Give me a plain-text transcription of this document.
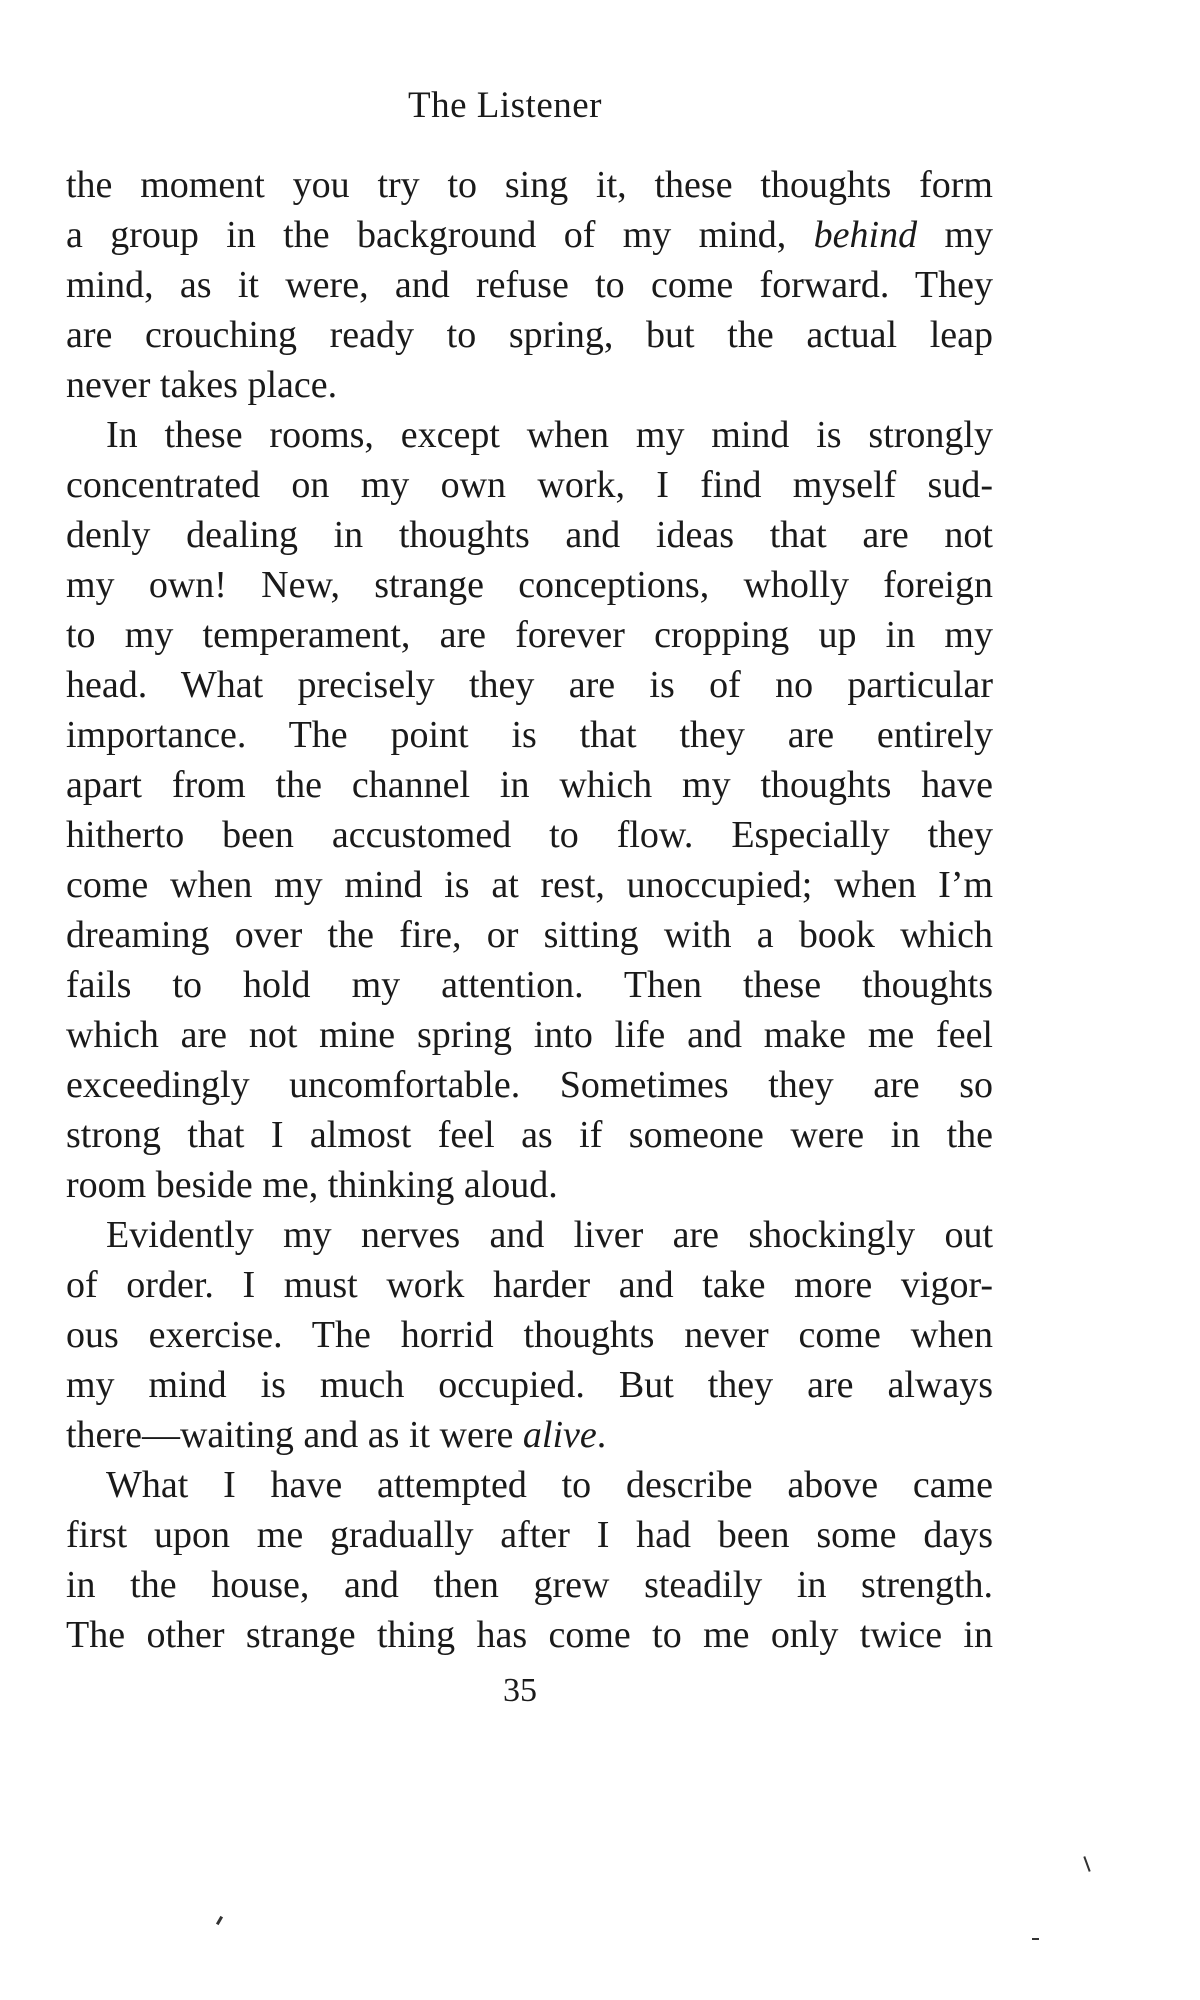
The Listener
the moment you try to sing it, these thoughts form
a group in the background of my mind, behind my
mind, as it were, and refuse to come forward. They
are crouching ready to spring, but the actual leap
never takes place.
In these rooms, except when my mind is strongly
concentrated on my own work, I find myself sud-
denly dealing in thoughts and ideas that are not
my own! New, strange conceptions, wholly foreign
to my temperament, are forever cropping up in my
head. What precisely they are is of no particular
importance. The point is that they are entirely
apart from the channel in which my thoughts have
hitherto been accustomed to flow. Especially they
come when my mind is at rest, unoccupied; when I’m
dreaming over the fire, or sitting with a book which
fails to hold my attention. Then these thoughts
which are not mine spring into life and make me feel
exceedingly uncomfortable. Sometimes they are so
strong that I almost feel as if someone were in the
room beside me, thinking aloud.
Evidently my nerves and liver are shockingly out
of order. I must work harder and take more vigor-
ous exercise. The horrid thoughts never come when
my mind is much occupied. But they are always
there—waiting and as it were alive.
What I have attempted to describe above came
first upon me gradually after I had been some days
in the house, and then grew steadily in strength.
The other strange thing has come to me only twice in
35
